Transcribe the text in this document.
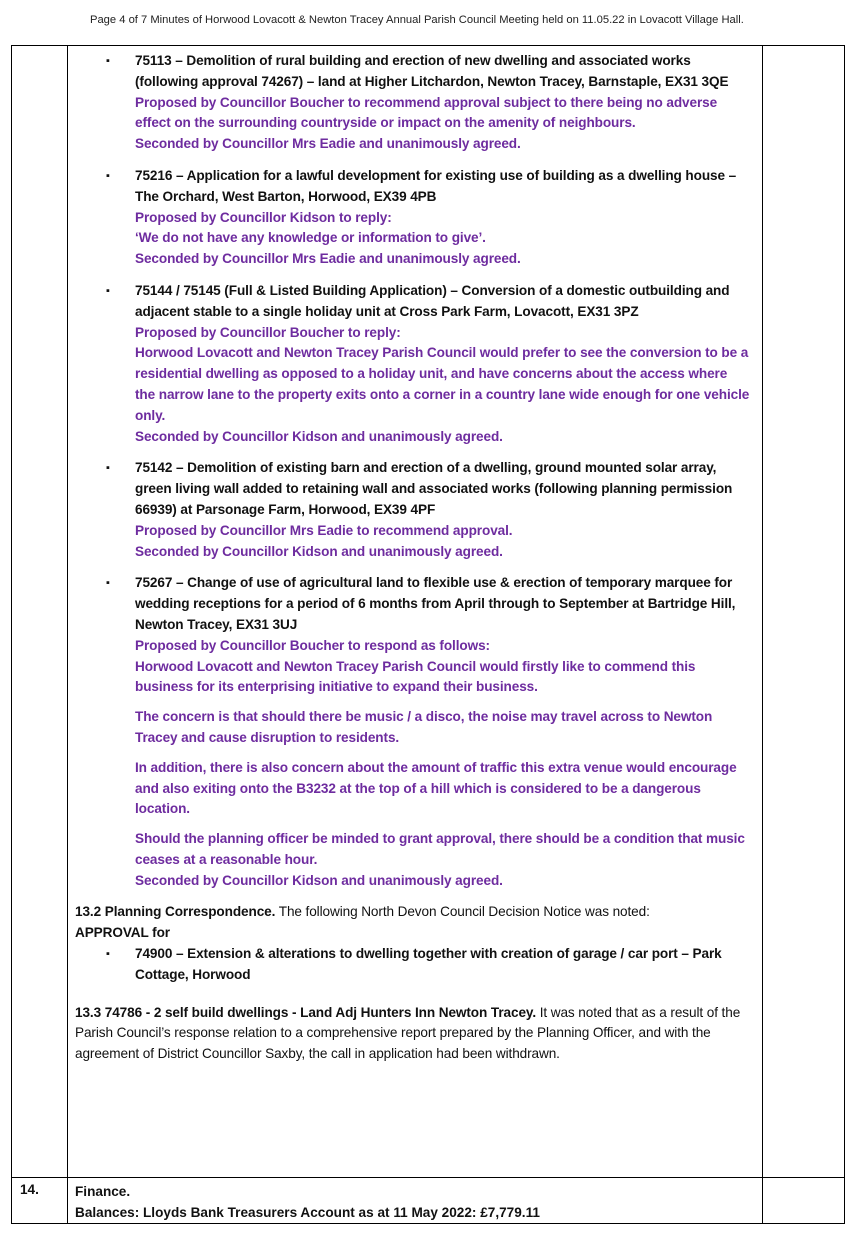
Page 4 of 7 Minutes of Horwood Lovacott & Newton Tracey Annual Parish Council Meeting held on 11.05.22 in Lovacott Village Hall.
▪ 75113 – Demolition of rural building and erection of new dwelling and associated works (following approval 74267) – land at Higher Litchardon, Newton Tracey, Barnstaple, EX31 3QE
Proposed by Councillor Boucher to recommend approval subject to there being no adverse effect on the surrounding countryside or impact on the amenity of neighbours.
Seconded by Councillor Mrs Eadie and unanimously agreed.
▪ 75216 – Application for a lawful development for existing use of building as a dwelling house – The Orchard, West Barton, Horwood, EX39 4PB
Proposed by Councillor Kidson to reply:
‘We do not have any knowledge or information to give’.
Seconded by Councillor Mrs Eadie and unanimously agreed.
▪ 75144 / 75145 (Full & Listed Building Application) – Conversion of a domestic outbuilding and adjacent stable to a single holiday unit at Cross Park Farm, Lovacott, EX31 3PZ
Proposed by Councillor Boucher to reply:
Horwood Lovacott and Newton Tracey Parish Council would prefer to see the conversion to be a residential dwelling as opposed to a holiday unit, and have concerns about the access where the narrow lane to the property exits onto a corner in a country lane wide enough for one vehicle only.
Seconded by Councillor Kidson and unanimously agreed.
▪ 75142 – Demolition of existing barn and erection of a dwelling, ground mounted solar array, green living wall added to retaining wall and associated works (following planning permission 66939) at Parsonage Farm, Horwood, EX39 4PF
Proposed by Councillor Mrs Eadie to recommend approval.
Seconded by Councillor Kidson and unanimously agreed.
▪ 75267 – Change of use of agricultural land to flexible use & erection of temporary marquee for wedding receptions for a period of 6 months from April through to September at Bartridge Hill, Newton Tracey, EX31 3UJ
Proposed by Councillor Boucher to respond as follows:
Horwood Lovacott and Newton Tracey Parish Council would firstly like to commend this business for its enterprising initiative to expand their business.
The concern is that should there be music / a disco, the noise may travel across to Newton Tracey and cause disruption to residents.
In addition, there is also concern about the amount of traffic this extra venue would encourage and also exiting onto the B3232 at the top of a hill which is considered to be a dangerous location.
Should the planning officer be minded to grant approval, there should be a condition that music ceases at a reasonable hour.
Seconded by Councillor Kidson and unanimously agreed.
13.2 Planning Correspondence. The following North Devon Council Decision Notice was noted:
APPROVAL for
▪ 74900 – Extension & alterations to dwelling together with creation of garage / car port – Park Cottage, Horwood
13.3 74786 - 2 self build dwellings - Land Adj Hunters Inn Newton Tracey. It was noted that as a result of the Parish Council’s response relation to a comprehensive report prepared by the Planning Officer, and with the agreement of District Councillor Saxby, the call in application had been withdrawn.
14.	Finance.
Balances: Lloyds Bank Treasurers Account as at 11 May 2022: £7,779.11
